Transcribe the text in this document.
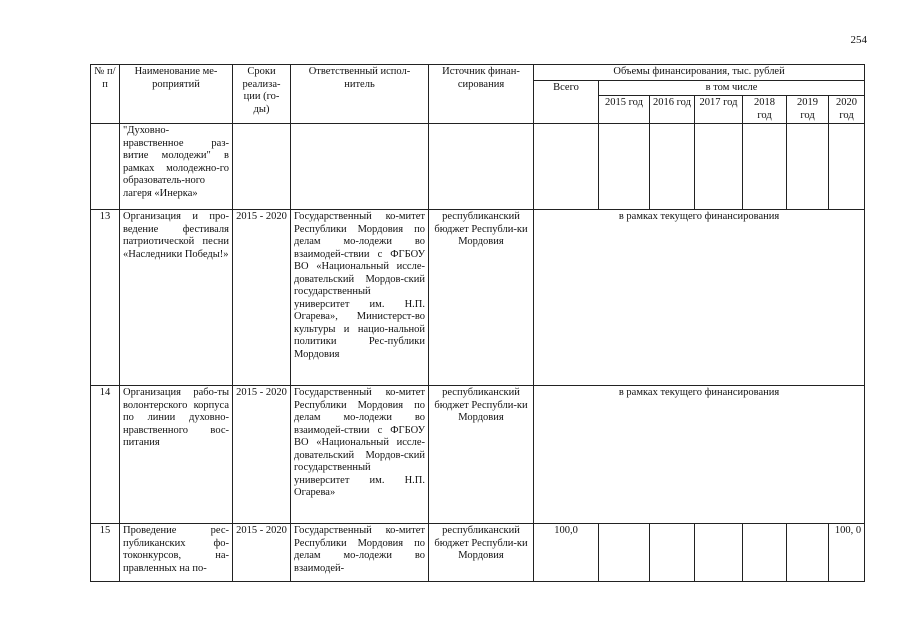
254
№ п/п	Наименование ме-роприятий	Сроки реализа-ции (го-ды)	Ответственный испол-нитель	Источник финан-сирования	Объемы финансирования, тыс. рублей						
					Всего	в том числе					
						2015 год	2016 год	2017 год	2018 год	2019 год	2020 год
	"Духовно-нравственное раз-витие молодежи" в рамках молодежно-го образователь-ного лагеря «Инерка»										
13	Организация и про-ведение фестиваля патриотической песни «Наследники Победы!»	2015 - 2020	Государственный ко-митет Республики Мордовия по делам мо-лодежи во взаимодей-ствии с ФГБОУ ВО «Национальный иссле-довательский Мордов-ский государственный университет им. Н.П. Огарева», Министерст-во культуры и нацио-нальной политики Рес-публики Мордовия	республиканский бюджет Республи-ки Мордовия	в рамках текущего финансирования						
14	Организация рабо-ты волонтерского корпуса по линии духовно-нравственного вос-питания	2015 - 2020	Государственный ко-митет Республики Мордовия по делам мо-лодежи во взаимодей-ствии с ФГБОУ ВО «Национальный иссле-довательский Мордов-ский государственный университет им. Н.П. Огарева»	республиканский бюджет Республи-ки Мордовия	в рамках текущего финансирования						
15	Проведение рес-публиканских фо-токонкурсов, на-правленных на по-	2015 - 2020	Государственный ко-митет Республики Мордовия по делам мо-лодежи во взаимодей-	республиканский бюджет Республи-ки Мордовия	100,0						100, 0
